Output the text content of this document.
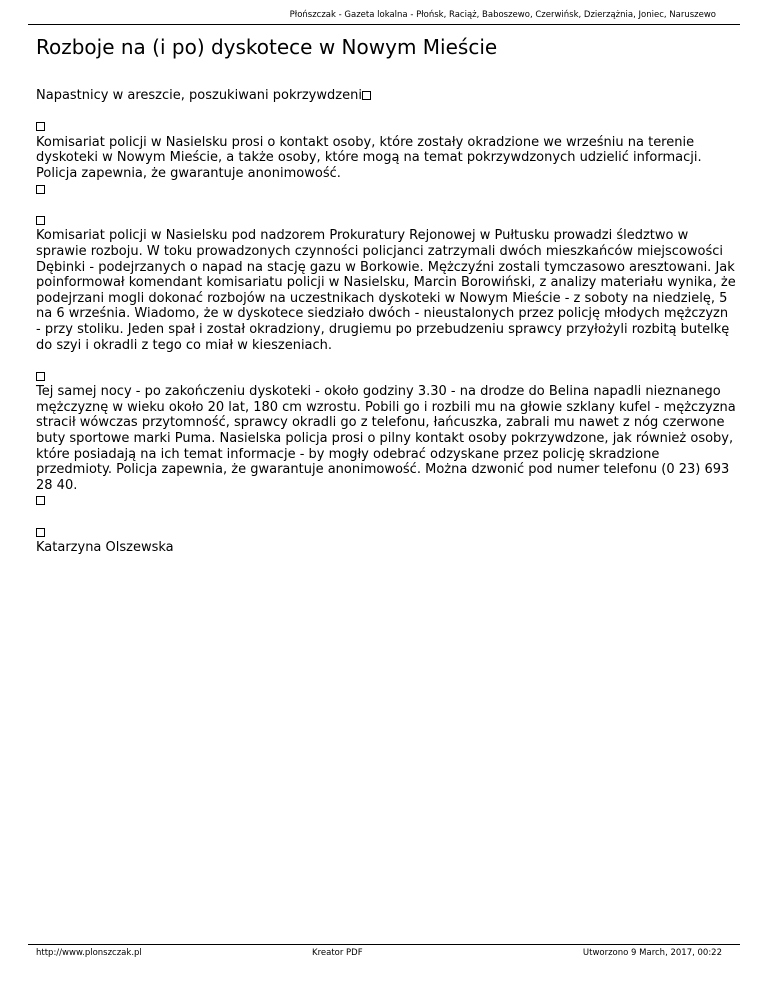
Płońszczak - Gazeta lokalna - Płońsk, Raciąż, Baboszewo, Czerwińsk, Dzierzążnia, Joniec, Naruszewo
Rozboje na (i po) dyskotece w Nowym Mieście

Napastnicy w areszcie, poszukiwani pokrzywdzeni

Komisariat policji w Nasielsku prosi o kontakt osoby, które zostały okradzione we wrześniu na terenie dyskoteki w Nowym Mieście, a także osoby, które mogą na temat pokrzywdzonych udzielić informacji. Policja zapewnia, że gwarantuje anonimowość.

Komisariat policji w Nasielsku pod nadzorem Prokuratury Rejonowej w Pułtusku prowadzi śledztwo w sprawie rozboju. W toku prowadzonych czynności policjanci zatrzymali dwóch mieszkańców miejscowości Dębinki - podejrzanych o napad na stację gazu w Borkowie. Mężczyźni zostali tymczasowo aresztowani. Jak poinformował komendant komisariatu policji w Nasielsku, Marcin Borowiński, z analizy materiału wynika, że podejrzani mogli dokonać rozbojów na uczestnikach dyskoteki w Nowym Mieście - z soboty na niedzielę, 5 na 6 września. Wiadomo, że w dyskotece siedziało dwóch - nieustalonych przez policję młodych mężczyzn - przy stoliku. Jeden spał i został okradziony, drugiemu po przebudzeniu sprawcy przyłożyli rozbitą butelkę do szyi i okradli z tego co miał w kieszeniach.

Tej samej nocy - po zakończeniu dyskoteki - około godziny 3.30 - na drodze do Belina napadli nieznanego mężczyznę w wieku około 20 lat, 180 cm wzrostu. Pobili go i rozbili mu na głowie szklany kufel - mężczyzna stracił wówczas przytomność, sprawcy okradli go z telefonu, łańcuszka, zabrali mu nawet z nóg czerwone buty sportowe marki Puma. Nasielska policja prosi o pilny kontakt osoby pokrzywdzone, jak również osoby, które posiadają na ich temat informacje - by mogły odebrać odzyskane przez policję skradzione przedmioty. Policja zapewnia, że gwarantuje anonimowość. Można dzwonić pod numer telefonu (0 23) 693 28 40.

Katarzyna Olszewska

http://www.plonszczak.pl	Kreator PDF	Utworzono 9 March, 2017, 00:22
